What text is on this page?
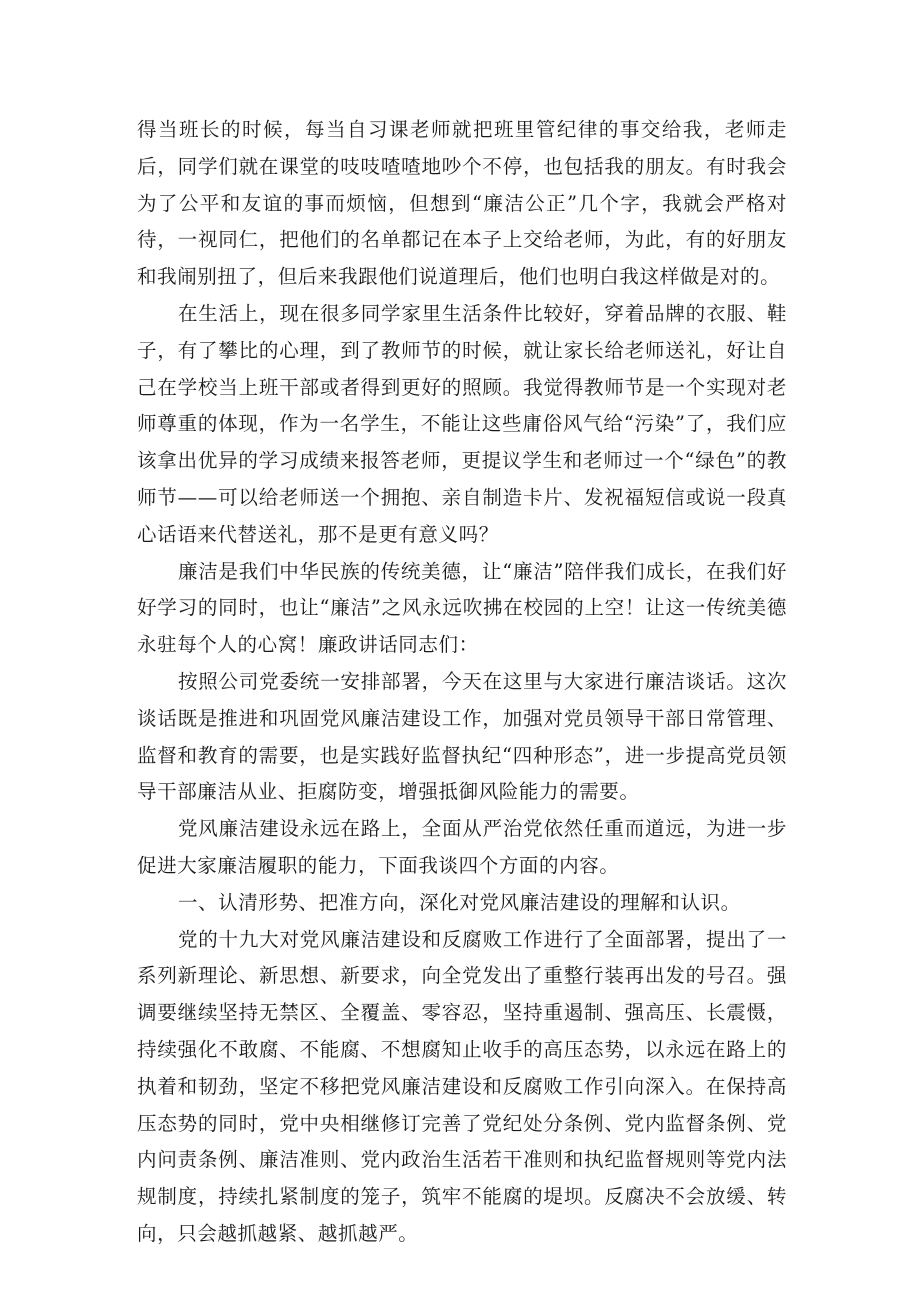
得当班长的时候，每当自习课老师就把班里管纪律的事交给我，老师走后，同学们就在课堂的吱吱喳喳地吵个不停，也包括我的朋友。有时我会为了公平和友谊的事而烦恼，但想到“廉洁公正”几个字，我就会严格对待，一视同仁，把他们的名单都记在本子上交给老师，为此，有的好朋友和我闹别扭了，但后来我跟他们说道理后，他们也明白我这样做是对的。

在生活上，现在很多同学家里生活条件比较好，穿着品牌的衣服、鞋子，有了攀比的心理，到了教师节的时候，就让家长给老师送礼，好让自己在学校当上班干部或者得到更好的照顾。我觉得教师节是一个实现对老师尊重的体现，作为一名学生，不能让这些庸俗风气给“污染”了，我们应该拿出优异的学习成绩来报答老师，更提议学生和老师过一个“绿色”的教师节——可以给老师送一个拥抱、亲自制造卡片、发祝福短信或说一段真心话语来代替送礼，那不是更有意义吗？

廉洁是我们中华民族的传统美德，让“廉洁”陪伴我们成长，在我们好好学习的同时，也让“廉洁”之风永远吹拂在校园的上空！让这一传统美德永驻每个人的心窝！廉政讲话同志们：

按照公司党委统一安排部署，今天在这里与大家进行廉洁谈话。这次谈话既是推进和巩固党风廉洁建设工作，加强对党员领导干部日常管理、监督和教育的需要，也是实践好监督执纪“四种形态”，进一步提高党员领导干部廉洁从业、拒腐防变，增强抵御风险能力的需要。

党风廉洁建设永远在路上，全面从严治党依然任重而道远，为进一步促进大家廉洁履职的能力，下面我谈四个方面的内容。

一、认清形势、把准方向，深化对党风廉洁建设的理解和认识。

党的十九大对党风廉洁建设和反腐败工作进行了全面部署，提出了一系列新理论、新思想、新要求，向全党发出了重整行装再出发的号召。强调要继续坚持无禁区、全覆盖、零容忍，坚持重遏制、强高压、长震慑，持续强化不敢腐、不能腐、不想腐知止收手的高压态势，以永远在路上的执着和韧劲，坚定不移把党风廉洁建设和反腐败工作引向深入。在保持高压态势的同时，党中央相继修订完善了党纪处分条例、党内监督条例、党内问责条例、廉洁准则、党内政治生活若干准则和执纪监督规则等党内法规制度，持续扎紧制度的笼子，筑牢不能腐的堤坝。反腐决不会放缓、转向，只会越抓越紧、越抓越严。
